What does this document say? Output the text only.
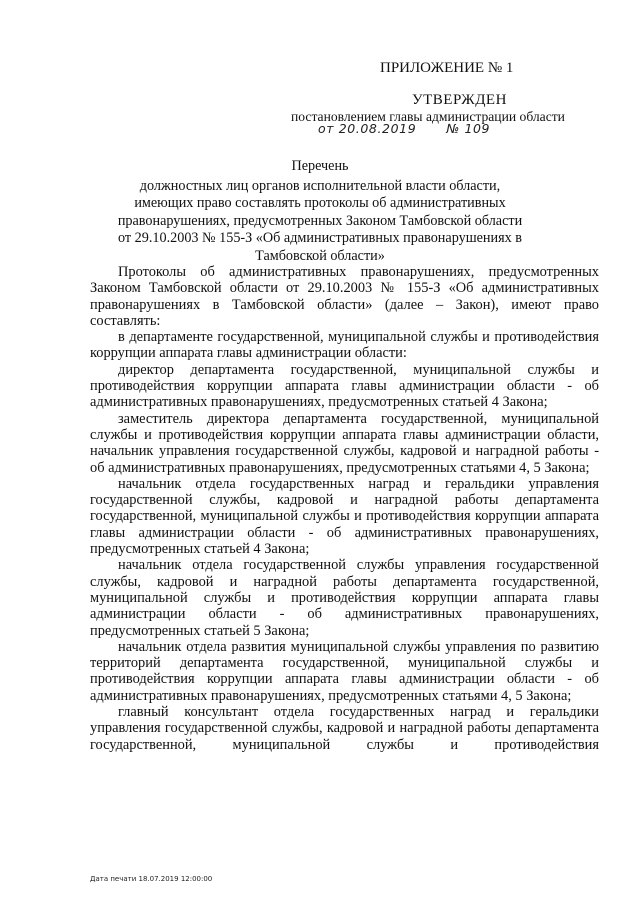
ПРИЛОЖЕНИЕ № 1
УТВЕРЖДЕН
постановлением главы администрации области
от 20.08.2019 № 109
Перечень
должностных лиц органов исполнительной власти области, имеющих право составлять протоколы об административных правонарушениях, предусмотренных Законом Тамбовской области от 29.10.2003 № 155-З «Об административных правонарушениях в Тамбовской области»

Протоколы об административных правонарушениях, предусмотренных Законом Тамбовской области от 29.10.2003 № 155-З «Об административных правонарушениях в Тамбовской области» (далее – Закон), имеют право составлять:

в департаменте государственной, муниципальной службы и противодействия коррупции аппарата главы администрации области:

директор департамента государственной, муниципальной службы и противодействия коррупции аппарата главы администрации области - об административных правонарушениях, предусмотренных статьей 4 Закона;

заместитель директора департамента государственной, муниципальной службы и противодействия коррупции аппарата главы администрации области, начальник управления государственной службы, кадровой и наградной работы - об административных правонарушениях, предусмотренных статьями 4, 5 Закона;

начальник отдела государственных наград и геральдики управления государственной службы, кадровой и наградной работы департамента государственной, муниципальной службы и противодействия коррупции аппарата главы администрации области - об административных правонарушениях, предусмотренных статьей 4 Закона;

начальник отдела государственной службы управления государственной службы, кадровой и наградной работы департамента государственной, муниципальной службы и противодействия коррупции аппарата главы администрации области - об административных правонарушениях, предусмотренных статьей 5 Закона;

начальник отдела развития муниципальной службы управления по развитию территорий департамента государственной, муниципальной службы и противодействия коррупции аппарата главы администрации области - об административных правонарушениях, предусмотренных статьями 4, 5 Закона;

главный консультант отдела государственных наград и геральдики управления государственной службы, кадровой и наградной работы департамента государственной, муниципальной службы и противодействия

Дата печати 18.07.2019 12:00:00
